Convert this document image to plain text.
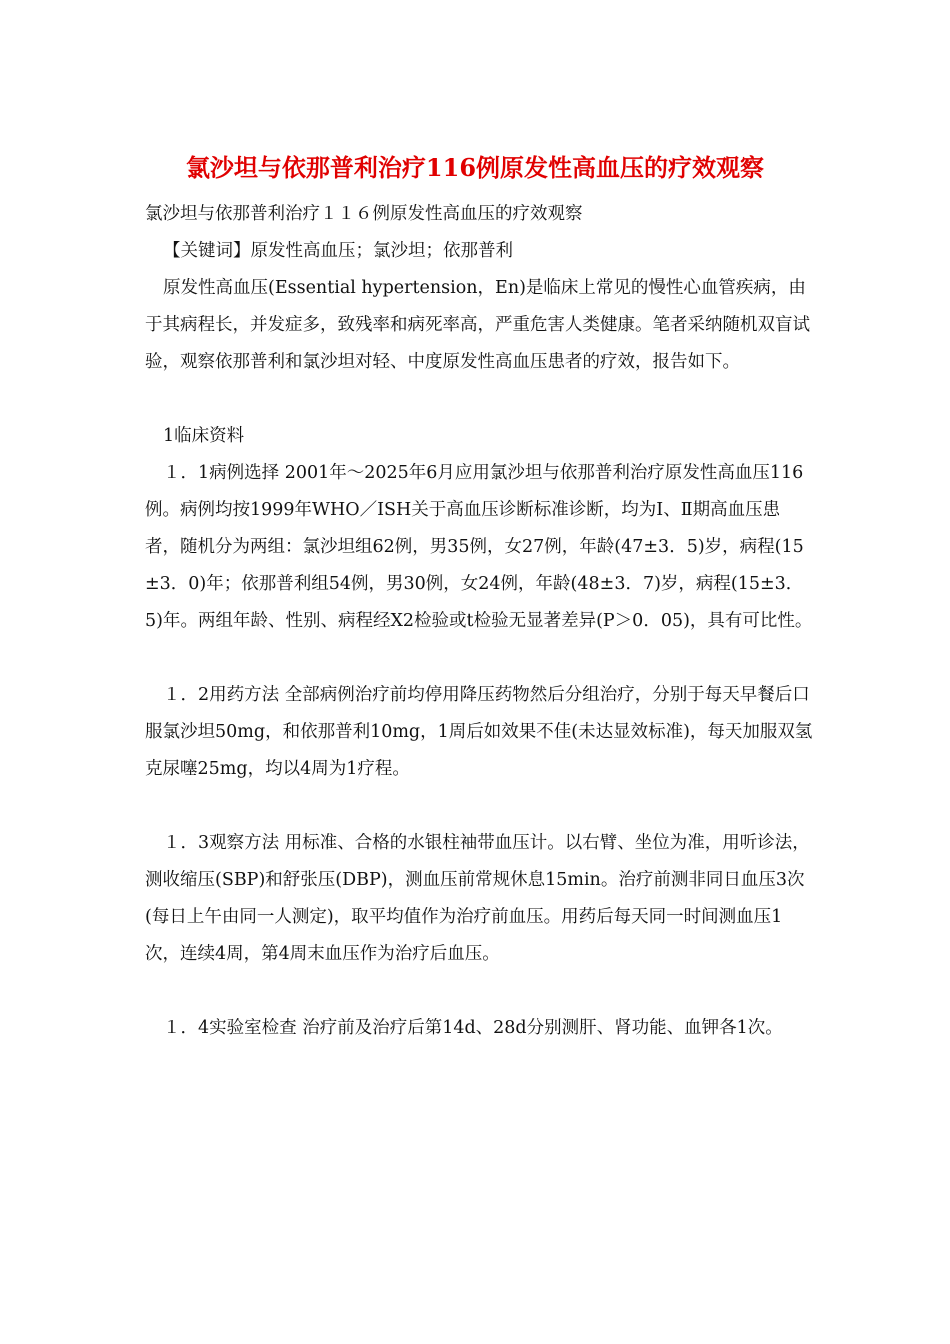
氯沙坦与依那普利治疗116例原发性高血压的疗效观察

氯沙坦与依那普利治疗１１６例原发性高血压的疗效观察

【关键词】原发性高血压；氯沙坦；依那普利

原发性高血压(Essential hypertension，En)是临床上常见的慢性心血管疾病，由于其病程长，并发症多，致残率和病死率高，严重危害人类健康。笔者采纳随机双盲试验，观察依那普利和氯沙坦对轻、中度原发性高血压患者的疗效，报告如下。

1临床资料

１．1病例选择 2001年～2025年6月应用氯沙坦与依那普利治疗原发性高血压116例。病例均按1999年WHO／ISH关于高血压诊断标准诊断，均为Ⅰ、Ⅱ期高血压患者，随机分为两组：氯沙坦组62例，男35例，女27例，年龄(47±3．5)岁，病程(15±3．0)年；依那普利组54例，男30例，女24例，年龄(48±3．7)岁，病程(15±3．5)年。两组年龄、性别、病程经X2检验或t检验无显著差异(P＞0．05)，具有可比性。

１．2用药方法 全部病例治疗前均停用降压药物然后分组治疗，分别于每天早餐后口服氯沙坦50mg，和依那普利10mg，1周后如效果不佳(未达显效标准)，每天加服双氢克尿噻25mg，均以4周为1疗程。

１．3观察方法 用标准、合格的水银柱袖带血压计。以右臂、坐位为准，用听诊法，测收缩压(SBP)和舒张压(DBP)，测血压前常规休息15min。治疗前测非同日血压3次(每日上午由同一人测定)，取平均值作为治疗前血压。用药后每天同一时间测血压1次，连续4周，第4周末血压作为治疗后血压。

１．4实验室检查 治疗前及治疗后第14d、28d分别测肝、肾功能、血钾各1次。
